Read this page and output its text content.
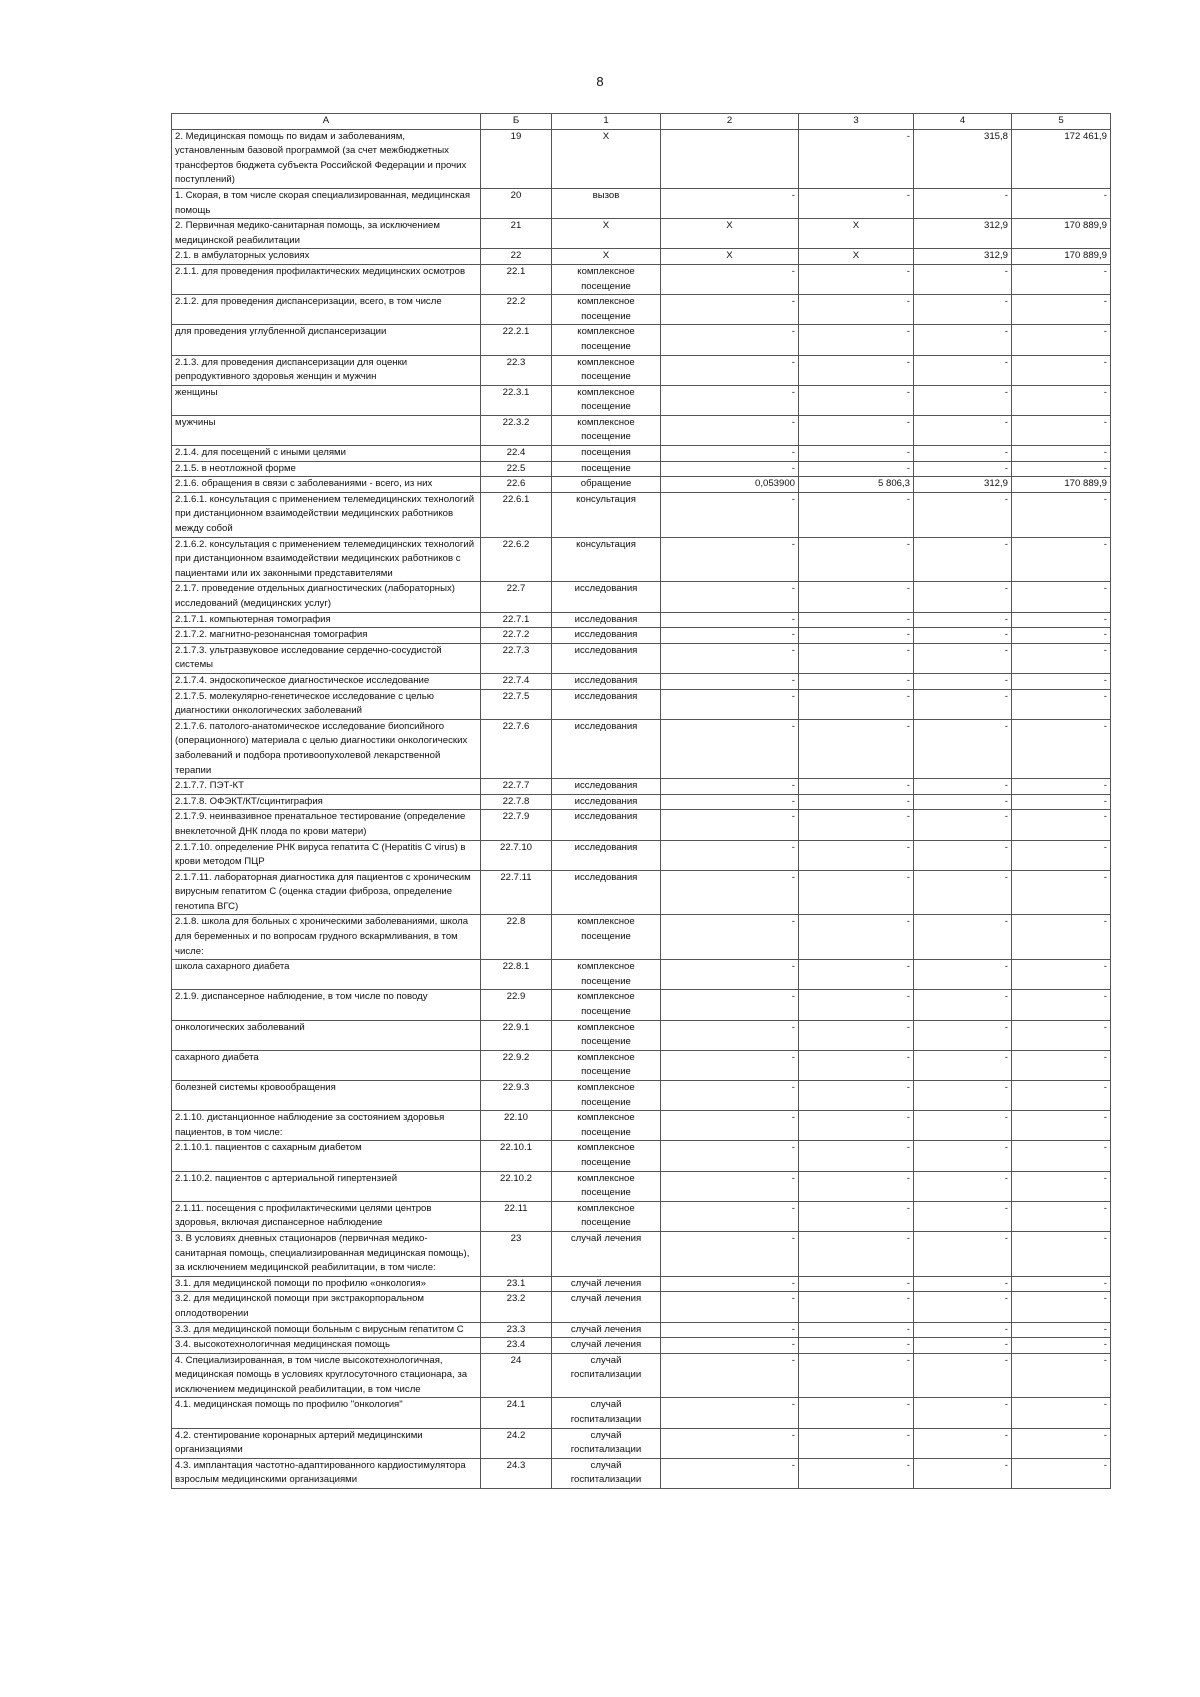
8
А	Б	1	2	3	4	5
2. Медицинская помощь по видам и заболеваниям, установленным базовой программой (за счет межбюджетных трансфертов бюджета субъекта Российской Федерации и прочих поступлений)	19	Х		-	315,8	172 461,9
1. Скорая, в том числе скорая специализированная, медицинская помощь	20	вызов	-	-	-	-
2. Первичная медико-санитарная помощь, за исключением медицинской реабилитации	21	Х	Х	Х	312,9	170 889,9
2.1. в амбулаторных условиях	22	Х	Х	Х	312,9	170 889,9
2.1.1. для проведения профилактических медицинских осмотров	22.1	комплексное посещение	-	-	-	-
2.1.2. для проведения диспансеризации, всего, в том числе	22.2	комплексное посещение	-	-	-	-
для проведения углубленной диспансеризации	22.2.1	комплексное посещение	-	-	-	-
2.1.3. для проведения диспансеризации для оценки репродуктивного здоровья женщин и мужчин	22.3	комплексное посещение	-	-	-	-
женщины	22.3.1	комплексное посещение	-	-	-	-
мужчины	22.3.2	комплексное посещение	-	-	-	-
2.1.4. для посещений с иными целями	22.4	посещения	-	-	-	-
2.1.5. в неотложной форме	22.5	посещение	-	-	-	-
2.1.6. обращения в связи с заболеваниями - всего, из них	22.6	обращение	0,053900	5 806,3	312,9	170 889,9
2.1.6.1. консультация с применением телемедицинских технологий при дистанционном взаимодействии медицинских работников между собой	22.6.1	консультация	-	-	-	-
2.1.6.2. консультация с применением телемедицинских технологий при дистанционном взаимодействии медицинских работников с пациентами или их законными представителями	22.6.2	консультация	-	-	-	-
2.1.7. проведение отдельных диагностических (лабораторных) исследований (медицинских услуг)	22.7	исследования	-	-	-	-
2.1.7.1. компьютерная томография	22.7.1	исследования	-	-	-	-
2.1.7.2. магнитно-резонансная томография	22.7.2	исследования	-	-	-	-
2.1.7.3. ультразвуковое исследование сердечно-сосудистой системы	22.7.3	исследования	-	-	-	-
2.1.7.4. эндоскопическое диагностическое исследование	22.7.4	исследования	-	-	-	-
2.1.7.5. молекулярно-генетическое исследование с целью диагностики онкологических заболеваний	22.7.5	исследования	-	-	-	-
2.1.7.6. патолого-анатомическое исследование биопсийного (операционного) материала с целью диагностики онкологических заболеваний и подбора противоопухолевой лекарственной терапии	22.7.6	исследования	-	-	-	-
2.1.7.7. ПЭТ-КТ	22.7.7	исследования	-	-	-	-
2.1.7.8. ОФЭКТ/КТ/сцинтиграфия	22.7.8	исследования	-	-	-	-
2.1.7.9. неинвазивное пренатальное тестирование (определение внеклеточной ДНК плода по крови матери)	22.7.9	исследования	-	-	-	-
2.1.7.10. определение РНК вируса гепатита С (Hepatitis C virus) в крови методом ПЦР	22.7.10	исследования	-	-	-	-
2.1.7.11. лабораторная диагностика для пациентов с хроническим вирусным гепатитом С (оценка стадии фиброза, определение генотипа ВГС)	22.7.11	исследования	-	-	-	-
2.1.8. школа для больных с хроническими заболеваниями, школа для беременных и по вопросам грудного вскармливания, в том числе:	22.8	комплексное посещение	-	-	-	-
школа сахарного диабета	22.8.1	комплексное посещение	-	-	-	-
2.1.9. диспансерное наблюдение, в том числе по поводу	22.9	комплексное посещение	-	-	-	-
онкологических заболеваний	22.9.1	комплексное посещение	-	-	-	-
сахарного диабета	22.9.2	комплексное посещение	-	-	-	-
болезней системы кровообращения	22.9.3	комплексное посещение	-	-	-	-
2.1.10. дистанционное наблюдение за состоянием здоровья пациентов, в том числе:	22.10	комплексное посещение	-	-	-	-
2.1.10.1. пациентов с сахарным диабетом	22.10.1	комплексное посещение	-	-	-	-
2.1.10.2. пациентов с артериальной гипертензией	22.10.2	комплексное посещение	-	-	-	-
2.1.11. посещения с профилактическими целями центров здоровья, включая диспансерное наблюдение	22.11	комплексное посещение	-	-	-	-
3. В условиях дневных стационаров (первичная медико-санитарная помощь, специализированная медицинская помощь), за исключением медицинской реабилитации, в том числе:	23	случай лечения	-	-	-	-
3.1. для медицинской помощи по профилю «онкология»	23.1	случай лечения	-	-	-	-
3.2. для медицинской помощи при экстракорпоральном оплодотворении	23.2	случай лечения	-	-	-	-
3.3. для медицинской помощи больным с вирусным гепатитом С	23.3	случай лечения	-	-	-	-
3.4. высокотехнологичная медицинская помощь	23.4	случай лечения	-	-	-	-
4. Специализированная, в том числе высокотехнологичная, медицинская помощь в условиях круглосуточного стационара, за исключением медицинской реабилитации, в том числе	24	случай госпитализации	-	-	-	-
4.1. медицинская помощь по профилю "онкология"	24.1	случай госпитализации	-	-	-	-
4.2. стентирование коронарных артерий медицинскими организациями	24.2	случай госпитализации	-	-	-	-
4.3. имплантация частотно-адаптированного кардиостимулятора взрослым медицинскими организациями	24.3	случай госпитализации	-	-	-	-
